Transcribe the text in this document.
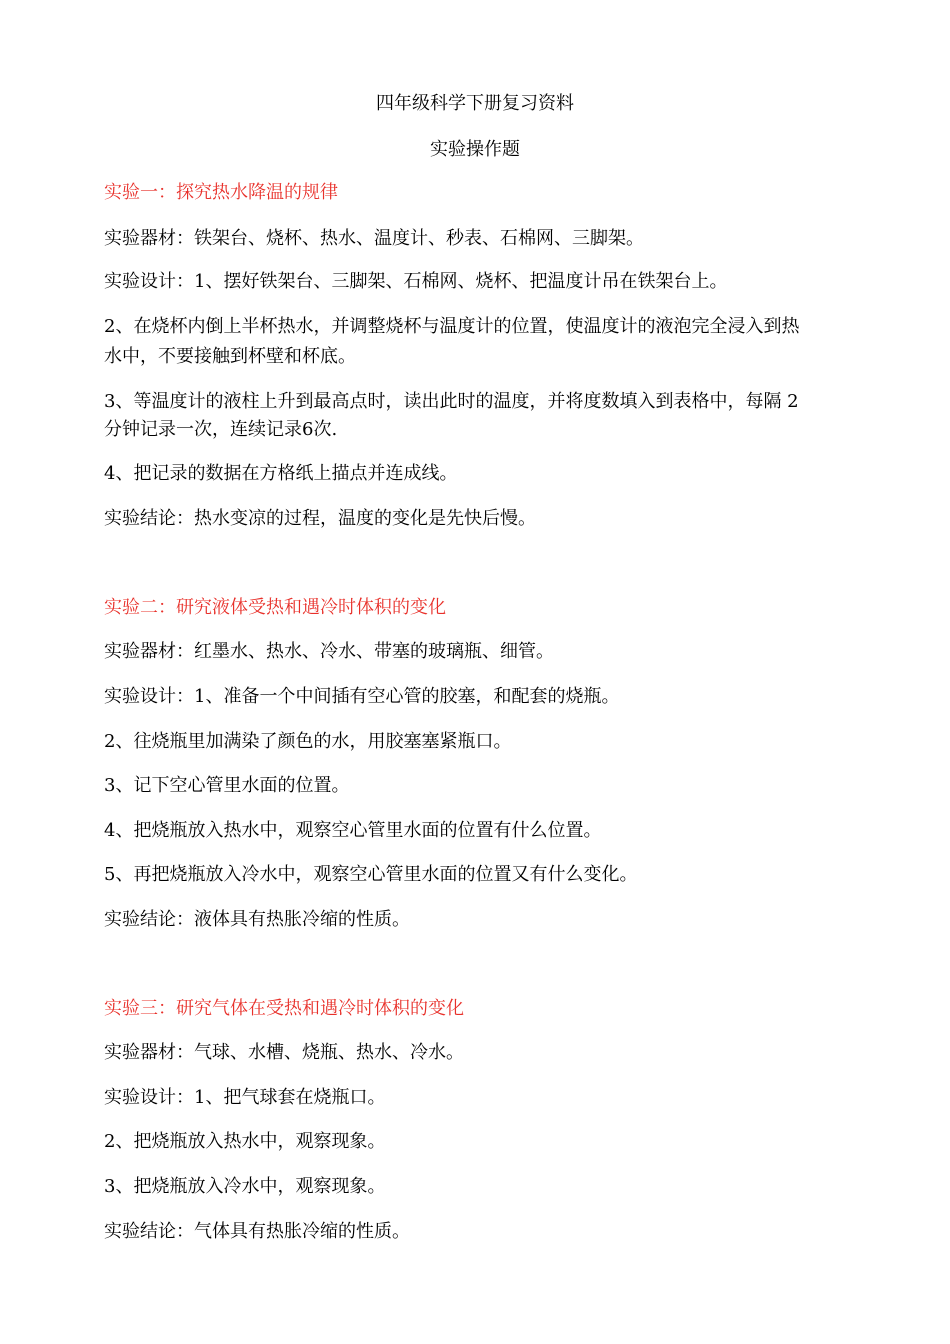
四年级科学下册复习资料
实验操作题
实验一：探究热水降温的规律
实验器材：铁架台、烧杯、热水、温度计、秒表、石棉网、三脚架。
实验设计：1、摆好铁架台、三脚架、石棉网、烧杯、把温度计吊在铁架台上。
2、在烧杯内倒上半杯热水，并调整烧杯与温度计的位置，使温度计的液泡完全浸入到热
水中，不要接触到杯壁和杯底。
3、等温度计的液柱上升到最高点时，读出此时的温度，并将度数填入到表格中，每隔 2
分钟记录一次，连续记录6次.
4、把记录的数据在方格纸上描点并连成线。
实验结论：热水变凉的过程，温度的变化是先快后慢。
实验二：研究液体受热和遇冷时体积的变化
实验器材：红墨水、热水、冷水、带塞的玻璃瓶、细管。
实验设计：1、准备一个中间插有空心管的胶塞，和配套的烧瓶。
2、往烧瓶里加满染了颜色的水，用胶塞塞紧瓶口。
3、记下空心管里水面的位置。
4、把烧瓶放入热水中，观察空心管里水面的位置有什么位置。
5、再把烧瓶放入冷水中，观察空心管里水面的位置又有什么变化。
实验结论：液体具有热胀冷缩的性质。
实验三：研究气体在受热和遇冷时体积的变化
实验器材：气球、水槽、烧瓶、热水、冷水。
实验设计：1、把气球套在烧瓶口。
2、把烧瓶放入热水中，观察现象。
3、把烧瓶放入冷水中，观察现象。
实验结论：气体具有热胀冷缩的性质。
